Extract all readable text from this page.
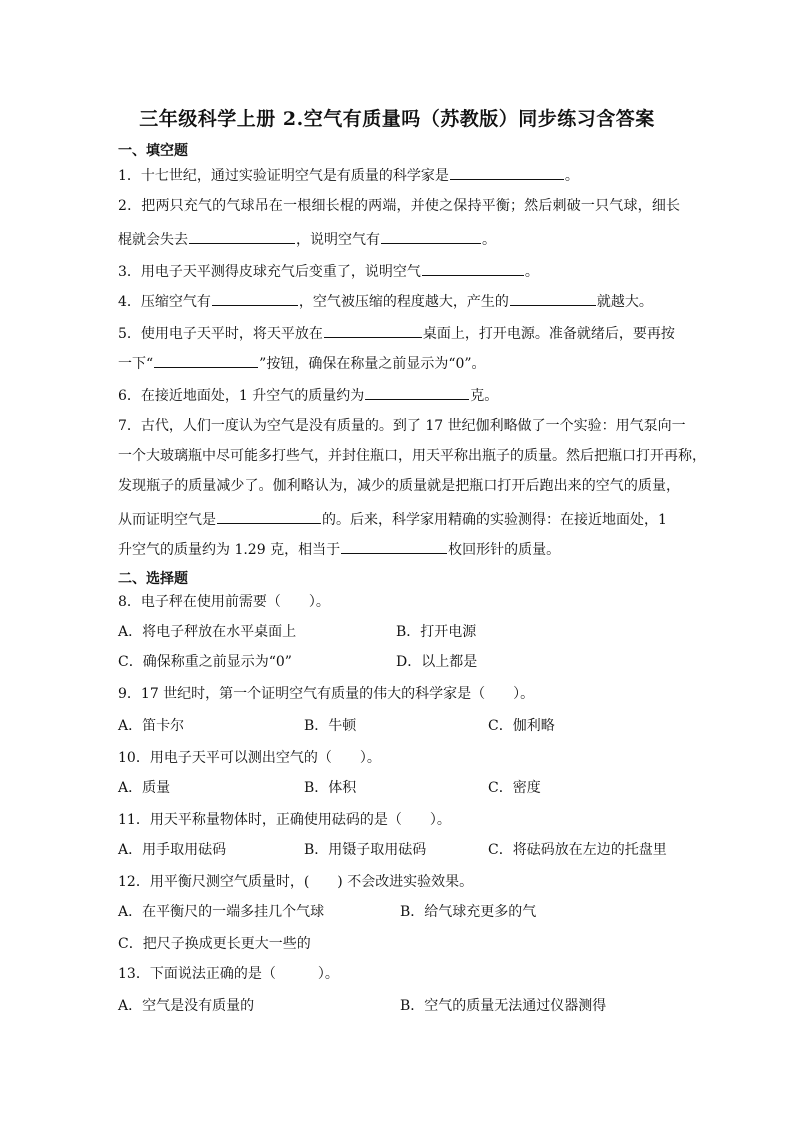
三年级科学上册 2.空气有质量吗（苏教版）同步练习含答案
一、填空题
1．十七世纪，通过实验证明空气是有质量的科学家是	。
2．把两只充气的气球吊在一根细长棍的两端，并使之保持平衡；然后刺破一只气球，细长
棍就会失去	，说明空气有	。
3．用电子天平测得皮球充气后变重了，说明空气	。
4．压缩空气有	，空气被压缩的程度越大，产生的	就越大。
5．使用电子天平时，将天平放在	桌面上，打开电源。准备就绪后，要再按
一下“	”按钮，确保在称量之前显示为“0”。
6．在接近地面处，1 升空气的质量约为	克。
7．古代，人们一度认为空气是没有质量的。到了 17 世纪伽利略做了一个实验：用气泵向一
一个大玻璃瓶中尽可能多打些气，并封住瓶口，用天平称出瓶子的质量。然后把瓶口打开再称，
发现瓶子的质量减少了。伽利略认为，减少的质量就是把瓶口打开后跑出来的空气的质量，
从而证明空气是	的。后来，科学家用精确的实验测得：在接近地面处，1
升空气的质量约为 1.29 克，相当于	枚回形针的质量。
二、选择题
8．电子秤在使用前需要（　　）。
A．将电子秤放在水平桌面上	B．打开电源
C．确保称重之前显示为“0”	D．以上都是
9．17 世纪时，第一个证明空气有质量的伟大的科学家是（　　）。
A．笛卡尔	B．牛顿	C．伽利略
10．用电子天平可以测出空气的（　　）。
A．质量	B．体积	C．密度
11．用天平称量物体时，正确使用砝码的是（　　）。
A．用手取用砝码	B．用镊子取用砝码	C．将砝码放在左边的托盘里
12．用平衡尺测空气质量时，(　　) 不会改进实验效果。
A．在平衡尺的一端多挂几个气球	B．给气球充更多的气
C．把尺子换成更长更大一些的
13．下面说法正确的是（　　　）。
A．空气是没有质量的	B．空气的质量无法通过仪器测得
